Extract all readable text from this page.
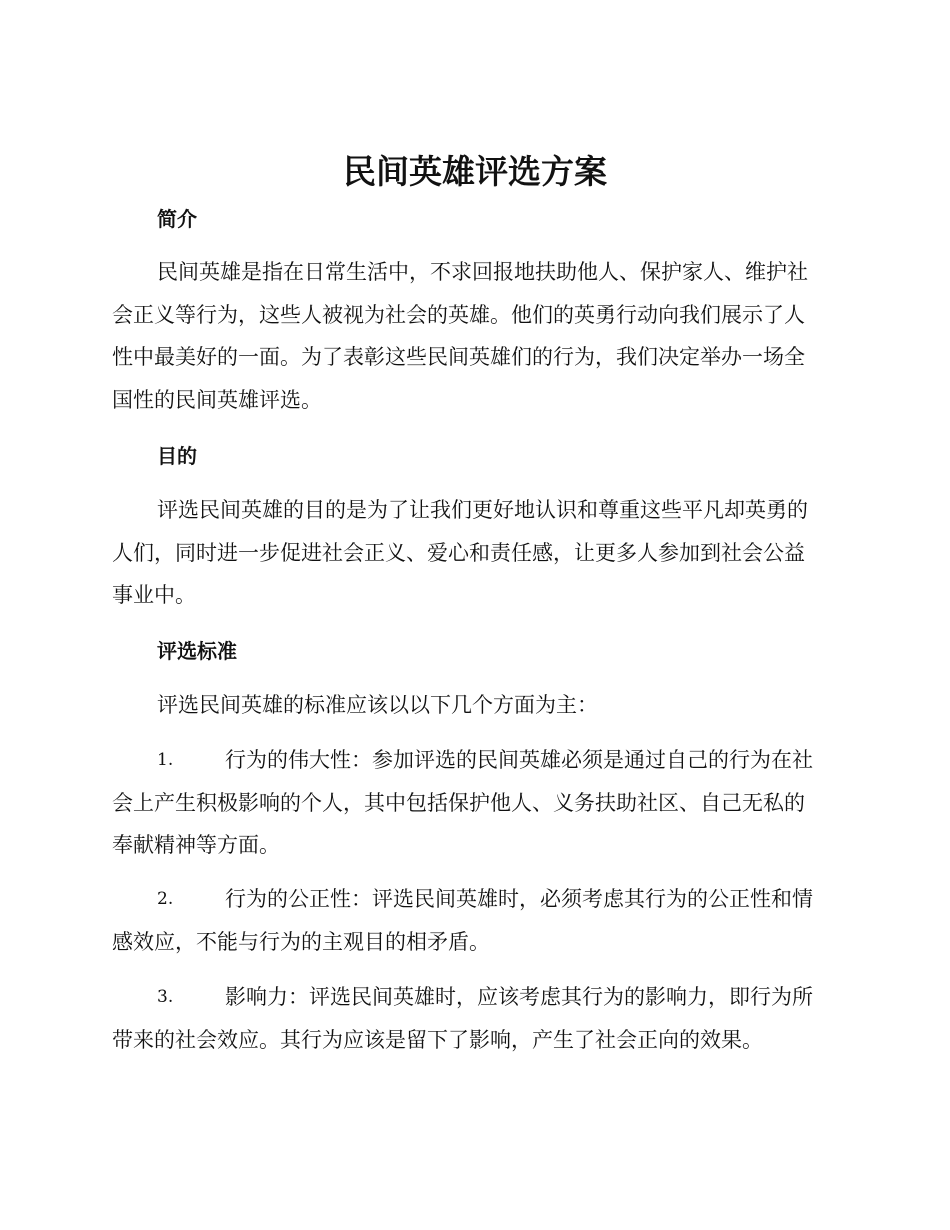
民间英雄评选方案
简介
民间英雄是指在日常生活中，不求回报地扶助他人、保护家人、维护社
会正义等行为，这些人被视为社会的英雄。他们的英勇行动向我们展示了人
性中最美好的一面。为了表彰这些民间英雄们的行为，我们决定举办一场全
国性的民间英雄评选。
目的
评选民间英雄的目的是为了让我们更好地认识和尊重这些平凡却英勇的
人们，同时进一步促进社会正义、爱心和责任感，让更多人参加到社会公益
事业中。
评选标准
评选民间英雄的标准应该以以下几个方面为主：
1. 行为的伟大性：参加评选的民间英雄必须是通过自己的行为在社
会上产生积极影响的个人，其中包括保护他人、义务扶助社区、自己无私的
奉献精神等方面。
2. 行为的公正性：评选民间英雄时，必须考虑其行为的公正性和情
感效应，不能与行为的主观目的相矛盾。
3. 影响力：评选民间英雄时，应该考虑其行为的影响力，即行为所
带来的社会效应。其行为应该是留下了影响，产生了社会正向的效果。
